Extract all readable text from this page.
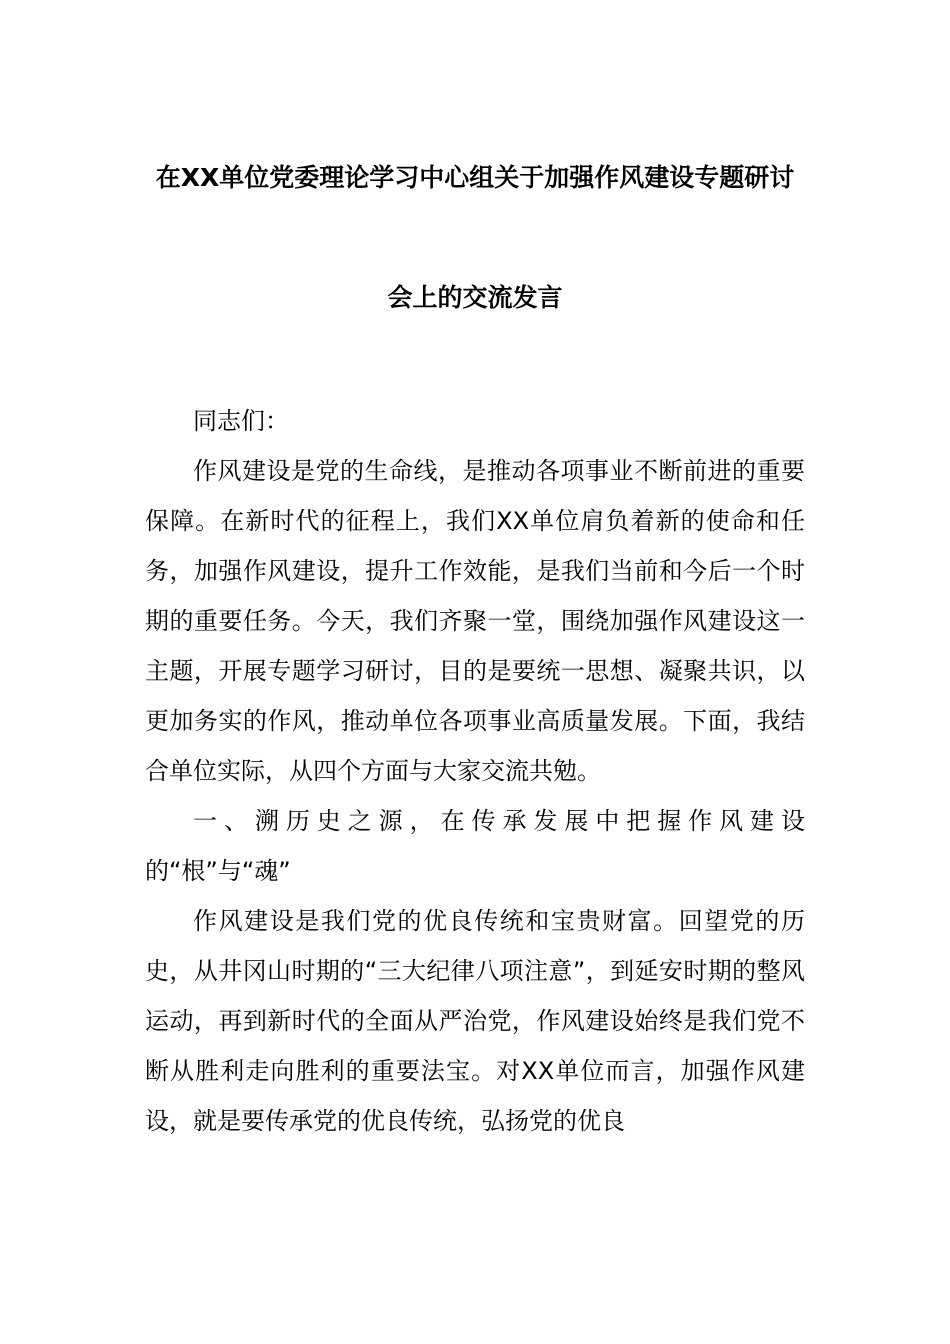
在XX单位党委理论学习中心组关于加强作风建设专题研讨
会上的交流发言

同志们：

作风建设是党的生命线，是推动各项事业不断前进的重要保障。在新时代的征程上，我们XX单位肩负着新的使命和任务，加强作风建设，提升工作效能，是我们当前和今后一个时期的重要任务。今天，我们齐聚一堂，围绕加强作风建设这一主题，开展专题学习研讨，目的是要统一思想、凝聚共识，以更加务实的作风，推动单位各项事业高质量发展。下面，我结合单位实际，从四个方面与大家交流共勉。

一、溯历史之源，在传承发展中把握作风建设的“根”与“魂”

作风建设是我们党的优良传统和宝贵财富。回望党的历史，从井冈山时期的“三大纪律八项注意”，到延安时期的整风运动，再到新时代的全面从严治党，作风建设始终是我们党不断从胜利走向胜利的重要法宝。对XX单位而言，加强作风建设，就是要传承党的优良传统，弘扬党的优良
